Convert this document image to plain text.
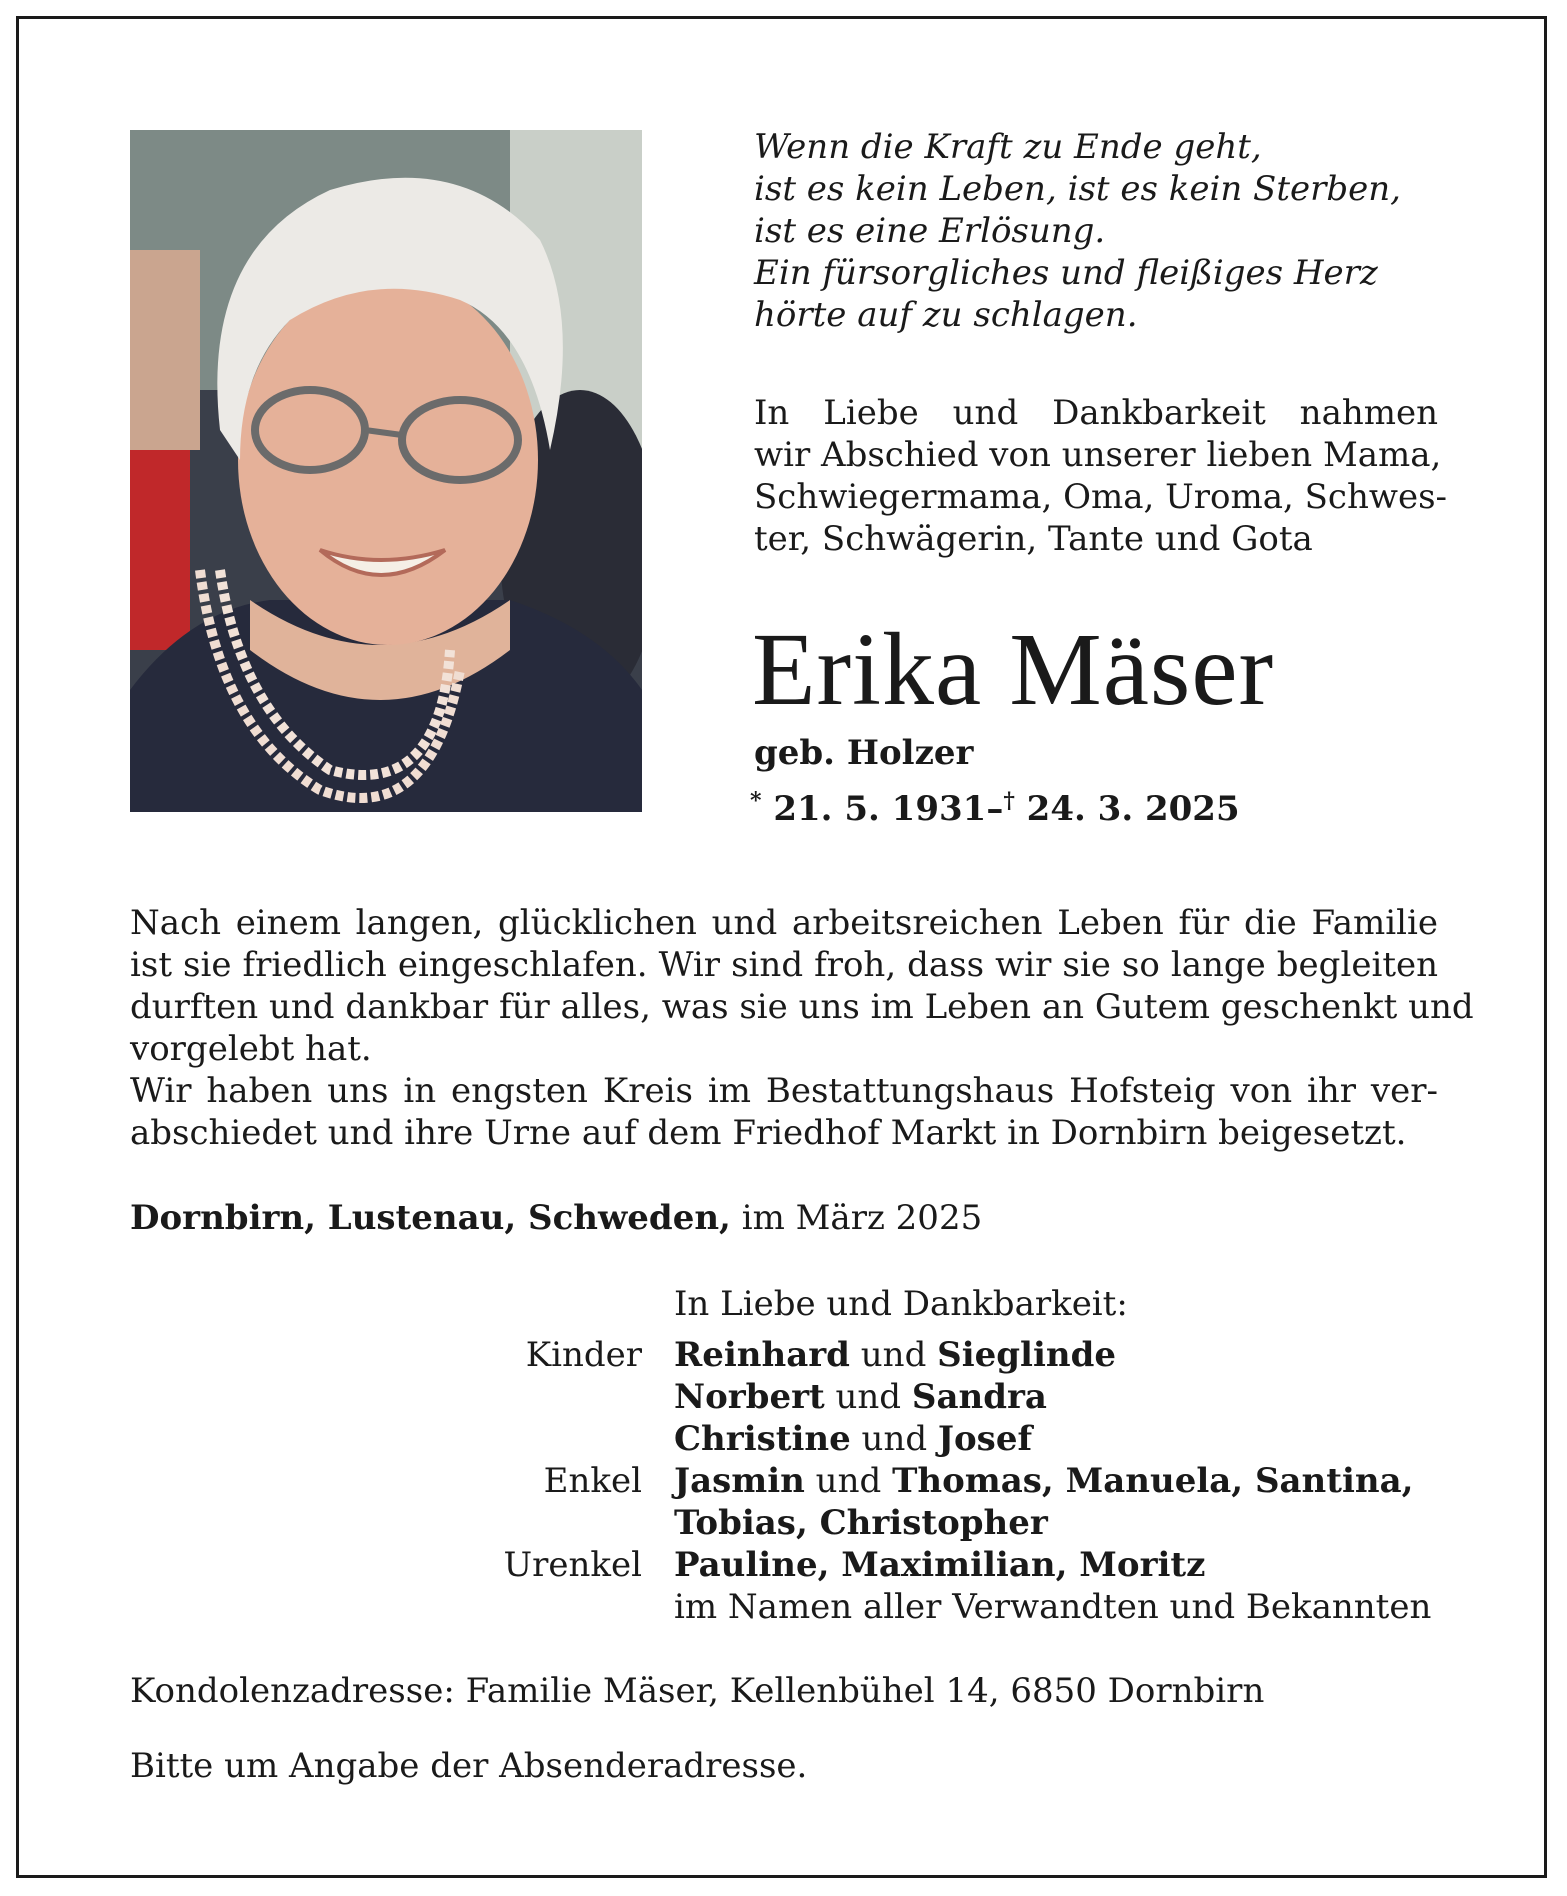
Wenn die Kraft zu Ende geht,
ist es kein Leben, ist es kein Sterben,
ist es eine Erlösung.
Ein fürsorgliches und fleißiges Herz
hörte auf zu schlagen.
In Liebe und Dankbarkeit nahmen
wir Abschied von unserer lieben Mama,
Schwiegermama, Oma, Uroma, Schwes-
ter, Schwägerin, Tante und Gota
Erika Mäser
geb. Holzer
* 21. 5. 1931–† 24. 3. 2025
Nach einem langen, glücklichen und arbeitsreichen Leben für die Familie
ist sie friedlich eingeschlafen. Wir sind froh, dass wir sie so lange begleiten
durften und dankbar für alles, was sie uns im Leben an Gutem geschenkt und
vorgelebt hat.
Wir haben uns in engsten Kreis im Bestattungshaus Hofsteig von ihr ver-
abschiedet und ihre Urne auf dem Friedhof Markt in Dornbirn beigesetzt.
Dornbirn, Lustenau, Schweden, im März 2025
In Liebe und Dankbarkeit:
Kinder Reinhard und Sieglinde
Norbert und Sandra
Christine und Josef
Enkel Jasmin und Thomas, Manuela, Santina,
Tobias, Christopher
Urenkel Pauline, Maximilian, Moritz
im Namen aller Verwandten und Bekannten
Kondolenzadresse: Familie Mäser, Kellenbühel 14, 6850 Dornbirn
Bitte um Angabe der Absenderadresse.
